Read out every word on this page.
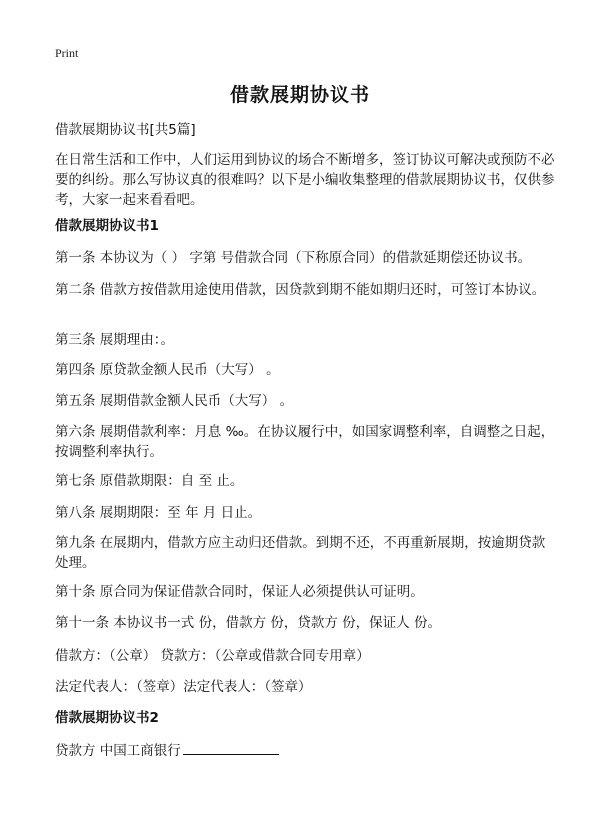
Print
借款展期协议书
借款展期协议书[共5篇]
在日常生活和工作中，人们运用到协议的场合不断增多，签订协议可解决或预防不必要的纠纷。那么写协议真的很难吗？以下是小编收集整理的借款展期协议书，仅供参考，大家一起来看看吧。
借款展期协议书1
第一条 本协议为（ ） 字第 号借款合同（下称原合同）的借款延期偿还协议书。
第二条 借款方按借款用途使用借款，因贷款到期不能如期归还时，可签订本协议。
第三条 展期理由：。
第四条 原贷款金额人民币（大写） 。
第五条 展期借款金额人民币（大写） 。
第六条 展期借款利率：月息 ‰。在协议履行中，如国家调整利率，自调整之日起，按调整利率执行。
第七条 原借款期限：自 至 止。
第八条 展期期限：至 年 月 日止。
第九条 在展期内，借款方应主动归还借款。到期不还，不再重新展期，按逾期贷款处理。
第十条 原合同为保证借款合同时，保证人必须提供认可证明。
第十一条 本协议书一式 份，借款方 份，贷款方 份，保证人 份。
借款方：（公章） 贷款方：（公章或借款合同专用章）
法定代表人：（签章）法定代表人：（签章）
借款展期协议书2
贷款方 中国工商银行
